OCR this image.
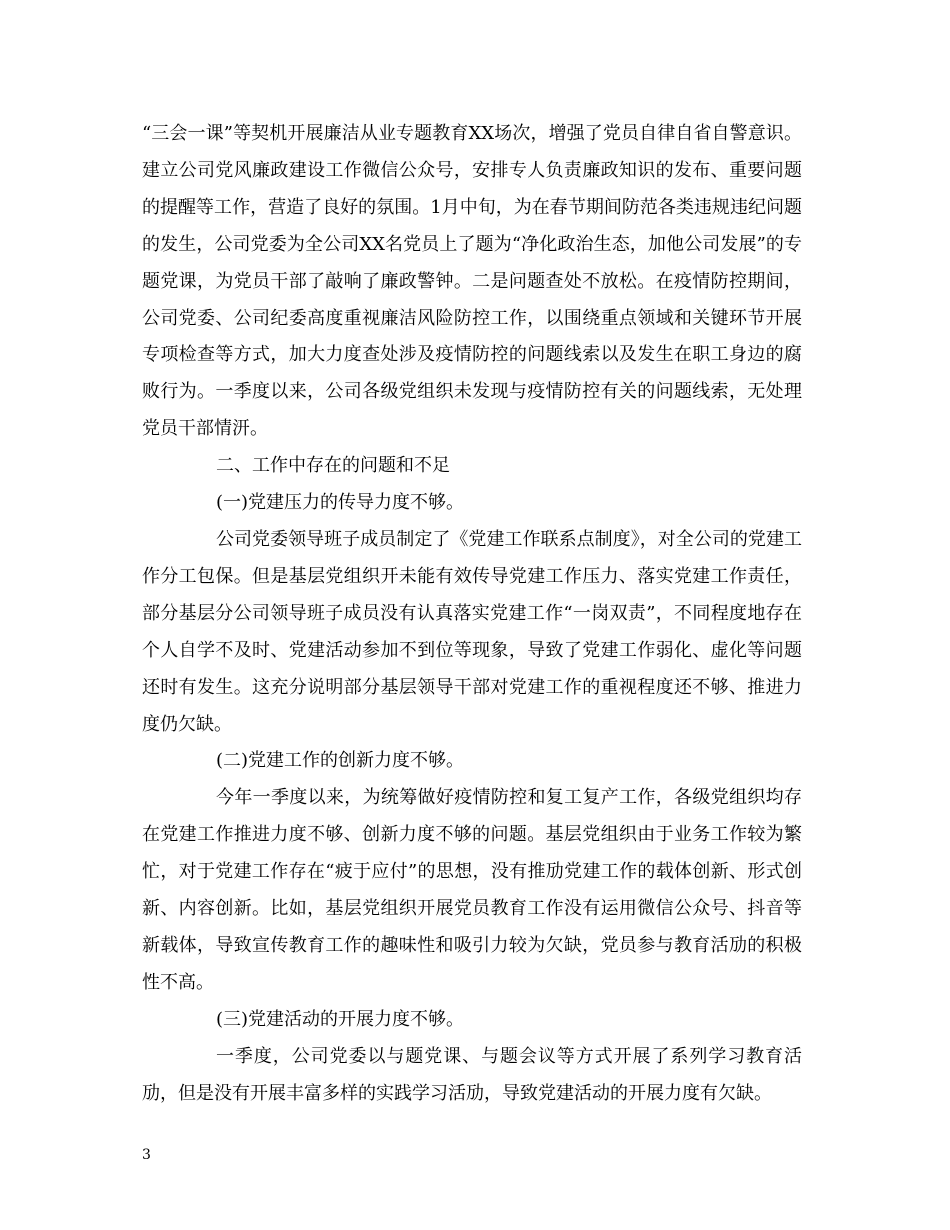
“三会一课”等契机开展廉洁从业专题教育XX场次，增强了党员自律自省自警意识。建立公司党风廉政建设工作微信公众号，安排专人负责廉政知识的发布、重要问题的提醒等工作，营造了良好的氛围。1月中旬，为在春节期间防范各类违规违纪问题的发生，公司党委为全公司XX名党员上了题为“净化政治生态，加他公司发展”的专题党课，为党员干部了敲响了廉政警钟。二是问题查处不放松。在疫情防控期间，公司党委、公司纪委高度重视廉洁风险防控工作，以围绕重点领域和关键环节开展专项检查等方式，加大力度查处涉及疫情防控的问题线索以及发生在职工身边的腐败行为。一季度以来，公司各级党组织未发现与疫情防控有关的问题线索，无处理党员干部情汧。

二、工作中存在的问题和不足

(一)党建压力的传导力度不够。

公司党委领导班子成员制定了《党建工作联系点制度》，对全公司的党建工作分工包保。但是基层党组织开未能有效传导党建工作压力、落实党建工作责任，部分基层分公司领导班子成员没有认真落实党建工作“一岗双责”，不同程度地存在个人自学不及时、党建活动参加不到位等现象，导致了党建工作弱化、虚化等问题还时有发生。这充分说明部分基层领导干部对党建工作的重视程度还不够、推进力度仍欠缺。

(二)党建工作的创新力度不够。

今年一季度以来，为统筹做好疫情防控和复工复产工作，各级党组织均存在党建工作推进力度不够、创新力度不够的问题。基层党组织由于业务工作较为繁忙，对于党建工作存在“疲于应付”的思想，没有推劢党建工作的载体创新、形式创新、内容创新。比如，基层党组织开展党员教育工作没有运用微信公众号、抖音等新载体，导致宣传教育工作的趣味性和吸引力较为欠缺，党员参与教育活劢的积极性不高。

(三)党建活动的开展力度不够。

一季度，公司党委以与题党课、与题会议等方式开展了系列学习教育活劢，但是没有开展丰富多样的实践学习活劢，导致党建活动的开展力度有欠缺。

3
